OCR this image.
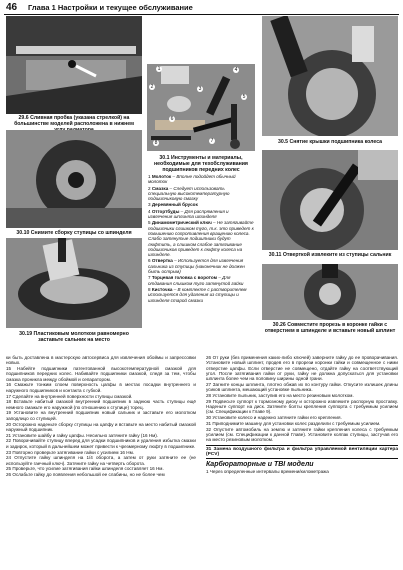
46 Глава 1 Настройки и текущее обслуживание
29.6 Сливная пробка (указана стрелкой) на большинстве моделей расположена в нижнем
1
2	3
4
5
6
7
8	30.5 Снятие крышки подшипника колеса
30.10 Снимите сборку ступицы со шпинделя
30.1 Инструменты и материалы, необходимые для техобслуживания подшипников передних колес
1 Молоток – Вполне подойдет обычный молоток
2 Смазка – Следует использовать специальную высокотемпературную подшипниковую смазку
3 Деревянный брусок
4 Отгортбуды – Для распрямления и извлечения шплинта шпинделя
5 Динамометрический ключ – Не затягивайте подшипники слишком туго, т.к. это приведет к повышению сопротивления вращению колеса. Слабо затянутые подшипники будут люфтить, а слишком слабое затягивание подшипников приведет к люфту колеса на шпинделе.
6 Отвертка – Используется для извлечения сальника из ступицы (наконечник не должен быть острым)
7 Торцевая головка с воротом – Для отдавания слишком туго затянутой гайки
8 Кисточка – В комплекте с растворителем используется для удаления из ступицы и шпинделя старой смазки
30.11 Отверткой извлеките из ступицы сальник
30.19 Пластиковым молотком равномерно заставьте сальник на место
30.26 Совместите прорезь в коронке гайки с отверстием в шпинделе и вставьте новый шплинт

ки быть доставлена в мастерскую автосервиса для извлечения обоймы и запрессовки новых.

15 Набейте подшипники патентованной высокотемпературной смазкой для подшипников передних колес. Набивайте подшипники смазкой, следя за тем, чтобы смазка проникла между обоймой и сепаратором.

16 Смажьте тонким слоем поверхность цапфы в местах посадки внутреннего и наружного подшипников и контакта с губкой.

17 Сделайте на внутренней поверхности ступицы смазкой.

18 Вставьте набитый смазкой внутренний подшипник в заднюю часть ступицы ещё немного смажьте его наружной (по отношению к ступице) торец.

19 Установите на внутренний подшипник новый сальник и заставьте его молотком заподлицо со ступицей.

20 Осторожно наденьте сборку ступицы на цапфу и вставьте на место набитый смазкой наружный подшипник.

21 Установите шайбу и гайку цапфы. Несильно затяните гайку (16 Нм).

22 Поворачивайте ступицу вперед для усадки подшипников и удаления избытка смазки и задирок, который в дальнейшем может привести к чрезмерному люфту в подшипнике.

23 Повторно проверьте затягивание гайки с усилием 16 Нм.

24 Отпустите гайку шпинделя на 1/4 оборота, а затем от руки затяните ее (не используйте гаечный ключ). Затяните гайку на четверть оборота.

25 Проверьте, что усилие затягивания гайки шпинделя составляет 16 Нм.

26 Ослабьте гайку до появления небольшой ее слабины, но не более чем

26 От руки (без применения каких-либо ключей) заверните гайку до ее проворачивания. Установите новый шплинт, продев его в прорези коронки гайки и совмещенное с ними отверстие цапфы. Если отверстие не совмещено, отдайте гайку на соответствующий угол. После затягивания гайки от руки, гайку не должна допускаться для установки шплинта более чем на половину ширины одной грани.

27 Загните концы шплинта, плотно обжав их по контуру гайки. Откусите излишек длины усиков шплинта, мешающий установке пыльника.

28 Установите пыльник, заступив его на место резиновым молотком.

29 Подвесьте суппорт к тормозному диску и осторожно извлеките распорную проставку. Наденьте суппорт на диск. Затяните болты крепления суппорта с требуемым усилием (см. Спецификации к Главе 9).

30 Установите колесо и надежно затяните гайки его крепления.

31 Приподнимите машину для установки колес разделили с требуемым усилием.

32 Опустите автомобиль на землю и затяните гайки крепления колеса с требуемым усилием (см. Спецификации к данной Главе). Установите колпак ступицы, застучав его на место резиновым молотком.

31 Замена воздушного фильтра и фильтра управляемой вентиляции картера (PCV)
Карбюраторные и TBI модели

1 Через определенные интервалы времени/километража
